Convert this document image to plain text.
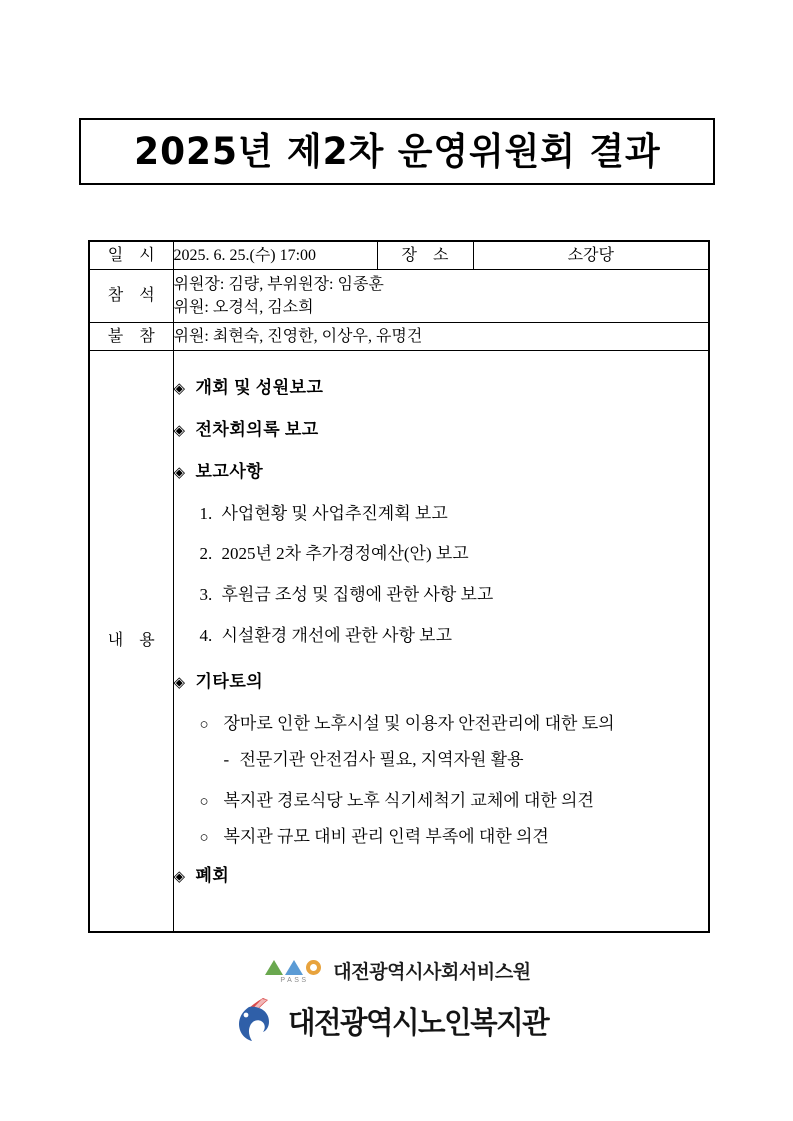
2025년 제2차 운영위원회 결과
일 시	2025. 6. 25.(수) 17:00	장 소	소강당
참 석	위원장: 김량, 부위원장: 임종훈
위원: 오경석, 김소희		

불 참	위원: 최현숙, 진영한, 이상우, 유명건		
내 용	
◈ 개회 및 성원보고
◈ 전차회의록 보고
◈ 보고사항
1. 사업현황 및 사업추진계획 보고
2. 2025년 2차 추가경정예산(안) 보고
3. 후원금 조성 및 집행에 관한 사항 보고
4. 시설환경 개선에 관한 사항 보고
◈ 기타토의
○ 장마로 인한 노후시설 및 이용자 안전관리에 대한 토의
- 전문기관 안전검사 필요, 지역자원 활용
○ 복지관 경로식당 노후 식기세척기 교체에 대한 의견
○ 복지관 규모 대비 관리 인력 부족에 대한 의견
◈ 폐회
PASS 대전광역시사회서비스원
대전광역시노인복지관
